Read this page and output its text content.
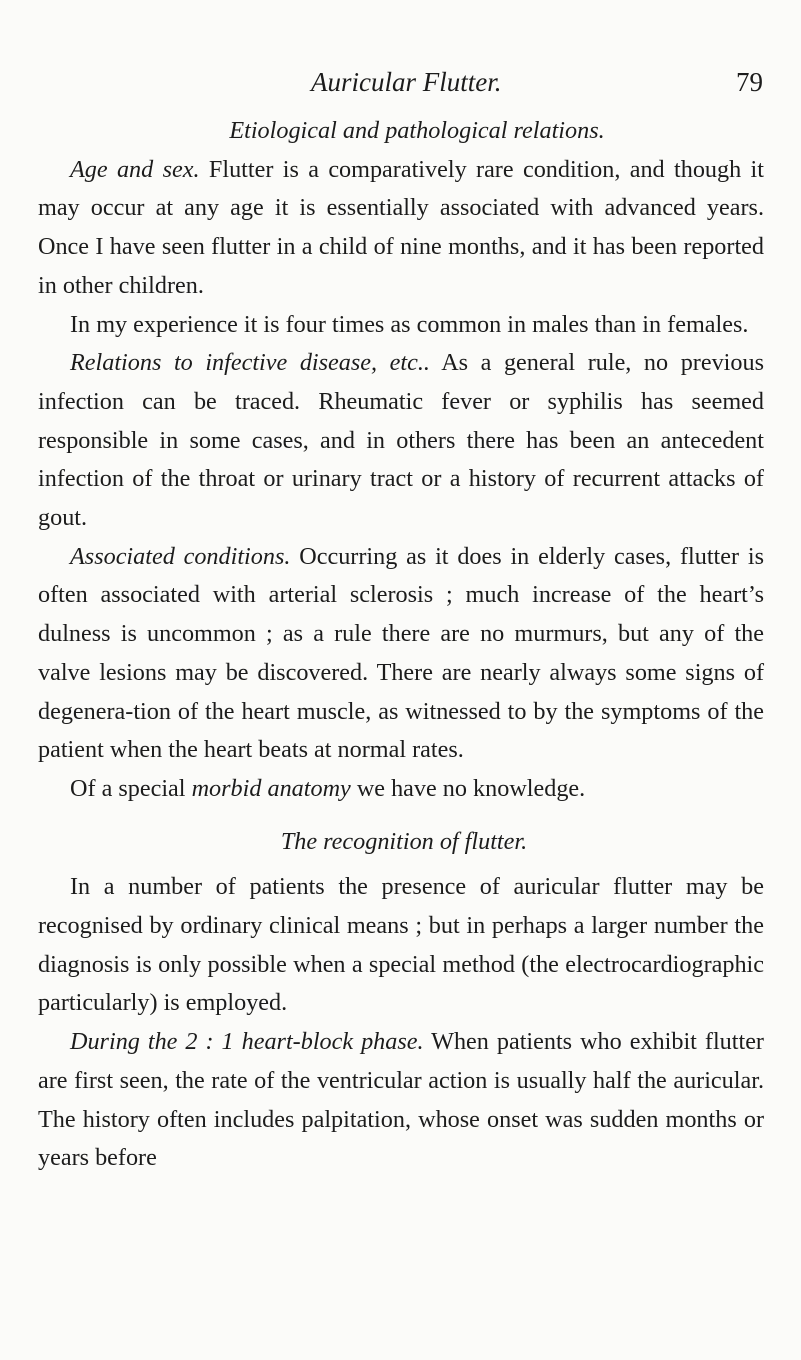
Auricular Flutter.	79

Etiological and pathological relations.

Age and sex. Flutter is a comparatively rare condition, and though it may occur at any age it is essentially associated with advanced years. Once I have seen flutter in a child of nine months, and it has been reported in other children.

In my experience it is four times as common in males than in females.

Relations to infective disease, etc.. As a general rule, no previous infection can be traced. Rheumatic fever or syphilis has seemed responsible in some cases, and in others there has been an antecedent infection of the throat or urinary tract or a history of recurrent attacks of gout.

Associated conditions. Occurring as it does in elderly cases, flutter is often associated with arterial sclerosis ; much increase of the heart’s dulness is uncommon ; as a rule there are no murmurs, but any of the valve lesions may be discovered. There are nearly always some signs of degenera-tion of the heart muscle, as witnessed to by the symptoms of the patient when the heart beats at normal rates.

Of a special morbid anatomy we have no knowledge.

The recognition of flutter.

In a number of patients the presence of auricular flutter may be recognised by ordinary clinical means ; but in perhaps a larger number the diagnosis is only possible when a special method (the electrocardiographic particularly) is employed.

During the 2 : 1 heart-block phase. When patients who exhibit flutter are first seen, the rate of the ventricular action is usually half the auricular. The history often includes palpitation, whose onset was sudden months or years before
